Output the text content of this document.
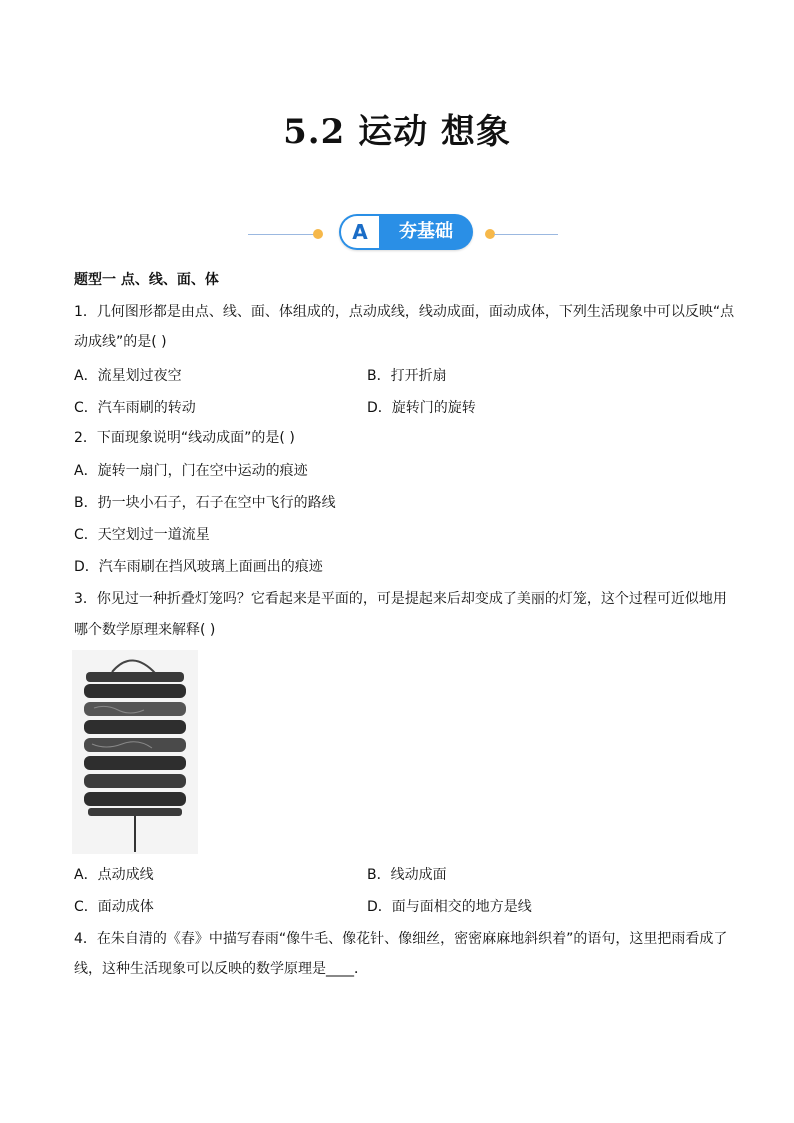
5.2 运动 想象
A	夯基础
题型一 点、线、面、体
1．几何图形都是由点、线、面、体组成的，点动成线，线动成面，面动成体，下列生活现象中可以反映“点
动成线”的是( )
A．流星划过夜空	B．打开折扇
C．汽车雨刷的转动	D．旋转门的旋转
2．下面现象说明“线动成面”的是( )
A．旋转一扇门，门在空中运动的痕迹
B．扔一块小石子，石子在空中飞行的路线
C．天空划过一道流星
D．汽车雨刷在挡风玻璃上面画出的痕迹
3．你见过一种折叠灯笼吗？它看起来是平面的，可是提起来后却变成了美丽的灯笼，这个过程可近似地用
哪个数学原理来解释( )
A．点动成线	B．线动成面
C．面动成体	D．面与面相交的地方是线
4．在朱自清的《春》中描写春雨“像牛毛、像花针、像细丝，密密麻麻地斜织着”的语句，这里把雨看成了
线，这种生活现象可以反映的数学原理是____．
